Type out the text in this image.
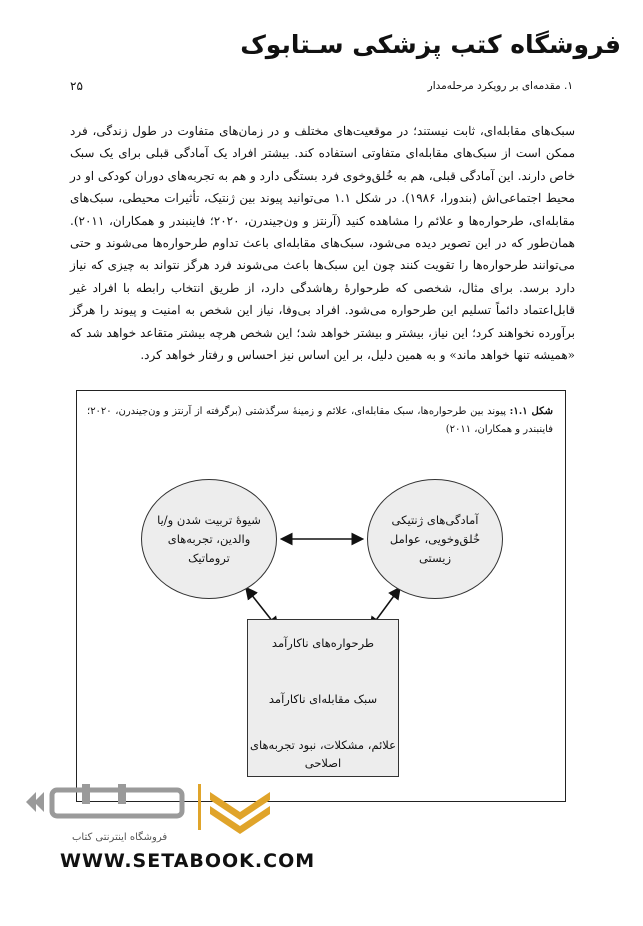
فروشگاه کتب پزشکی سـتابوک
۱. مقدمه‌ای بر رویکرد مرحله‌مدار
۲۵

سبک‌های مقابله‌ای، ثابت نیستند؛ در موقعیت‌های مختلف و در زمان‌های متفاوت در طول زندگی، فرد ممکن است از سبک‌های مقابله‌ای متفاوتی استفاده کند. بیشتر افراد یک آمادگی قبلی برای یک سبک خاص دارند. این آمادگی قبلی، هم به خُلق‌وخوی فرد بستگی دارد و هم به تجربه‌های دوران کودکی او در محیط اجتماعی‌اش (بندورا، ۱۹۸۶). در شکل ۱.۱ می‌توانید پیوند بین ژنتیک، تأثیرات محیطی، سبک‌های مقابله‌ای، طرحواره‌ها و علائم را مشاهده کنید (آرنتز و ون‌جیندرن، ۲۰۲۰؛ فاینبندر و همکاران، ۲۰۱۱). همان‌طور که در این تصویر دیده می‌شود، سبک‌های مقابله‌ای باعث تداوم طرحواره‌ها می‌شوند و حتی می‌توانند طرحواره‌ها را تقویت کنند چون این سبک‌ها باعث می‌شوند فرد هرگز نتواند به چیزی که نیاز دارد برسد. برای مثال، شخصی که طرحوارهٔ رهاشدگی دارد، از طریق انتخاب رابطه با افراد غیر قابل‌اعتماد دائماً تسلیم این طرحواره می‌شود. افراد بی‌وفا، نیاز این شخص به امنیت و پیوند را هرگز برآورده نخواهند کرد؛ این نیاز، بیشتر و بیشتر خواهد شد؛ این شخص هرچه بیشتر متقاعد خواهد شد که «همیشه تنها خواهد ماند» و به همین دلیل، بر این اساس نیز احساس و رفتار خواهد کرد.

شکل ۱.۱: پیوند بین طرحواره‌ها، سبک مقابله‌ای، علائم و زمینهٔ سرگذشتی (برگرفته از آرنتز و ون‌جیندرن، ۲۰۲۰؛ فاینبندر و همکاران، ۲۰۱۱)
شیوهٔ تربیت شدن و/یا والدین، تجربه‌های تروماتیک
آمادگی‌های ژنتیکی خُلق‌وخویی، عوامل زیستی
طرحواره‌های ناکارآمد
سبک مقابله‌ای ناکارآمد
علائم، مشکلات، نبود تجربه‌های اصلاحی
فروشگاه اینترنتی کتاب
WWW.SETABOOK.COM
